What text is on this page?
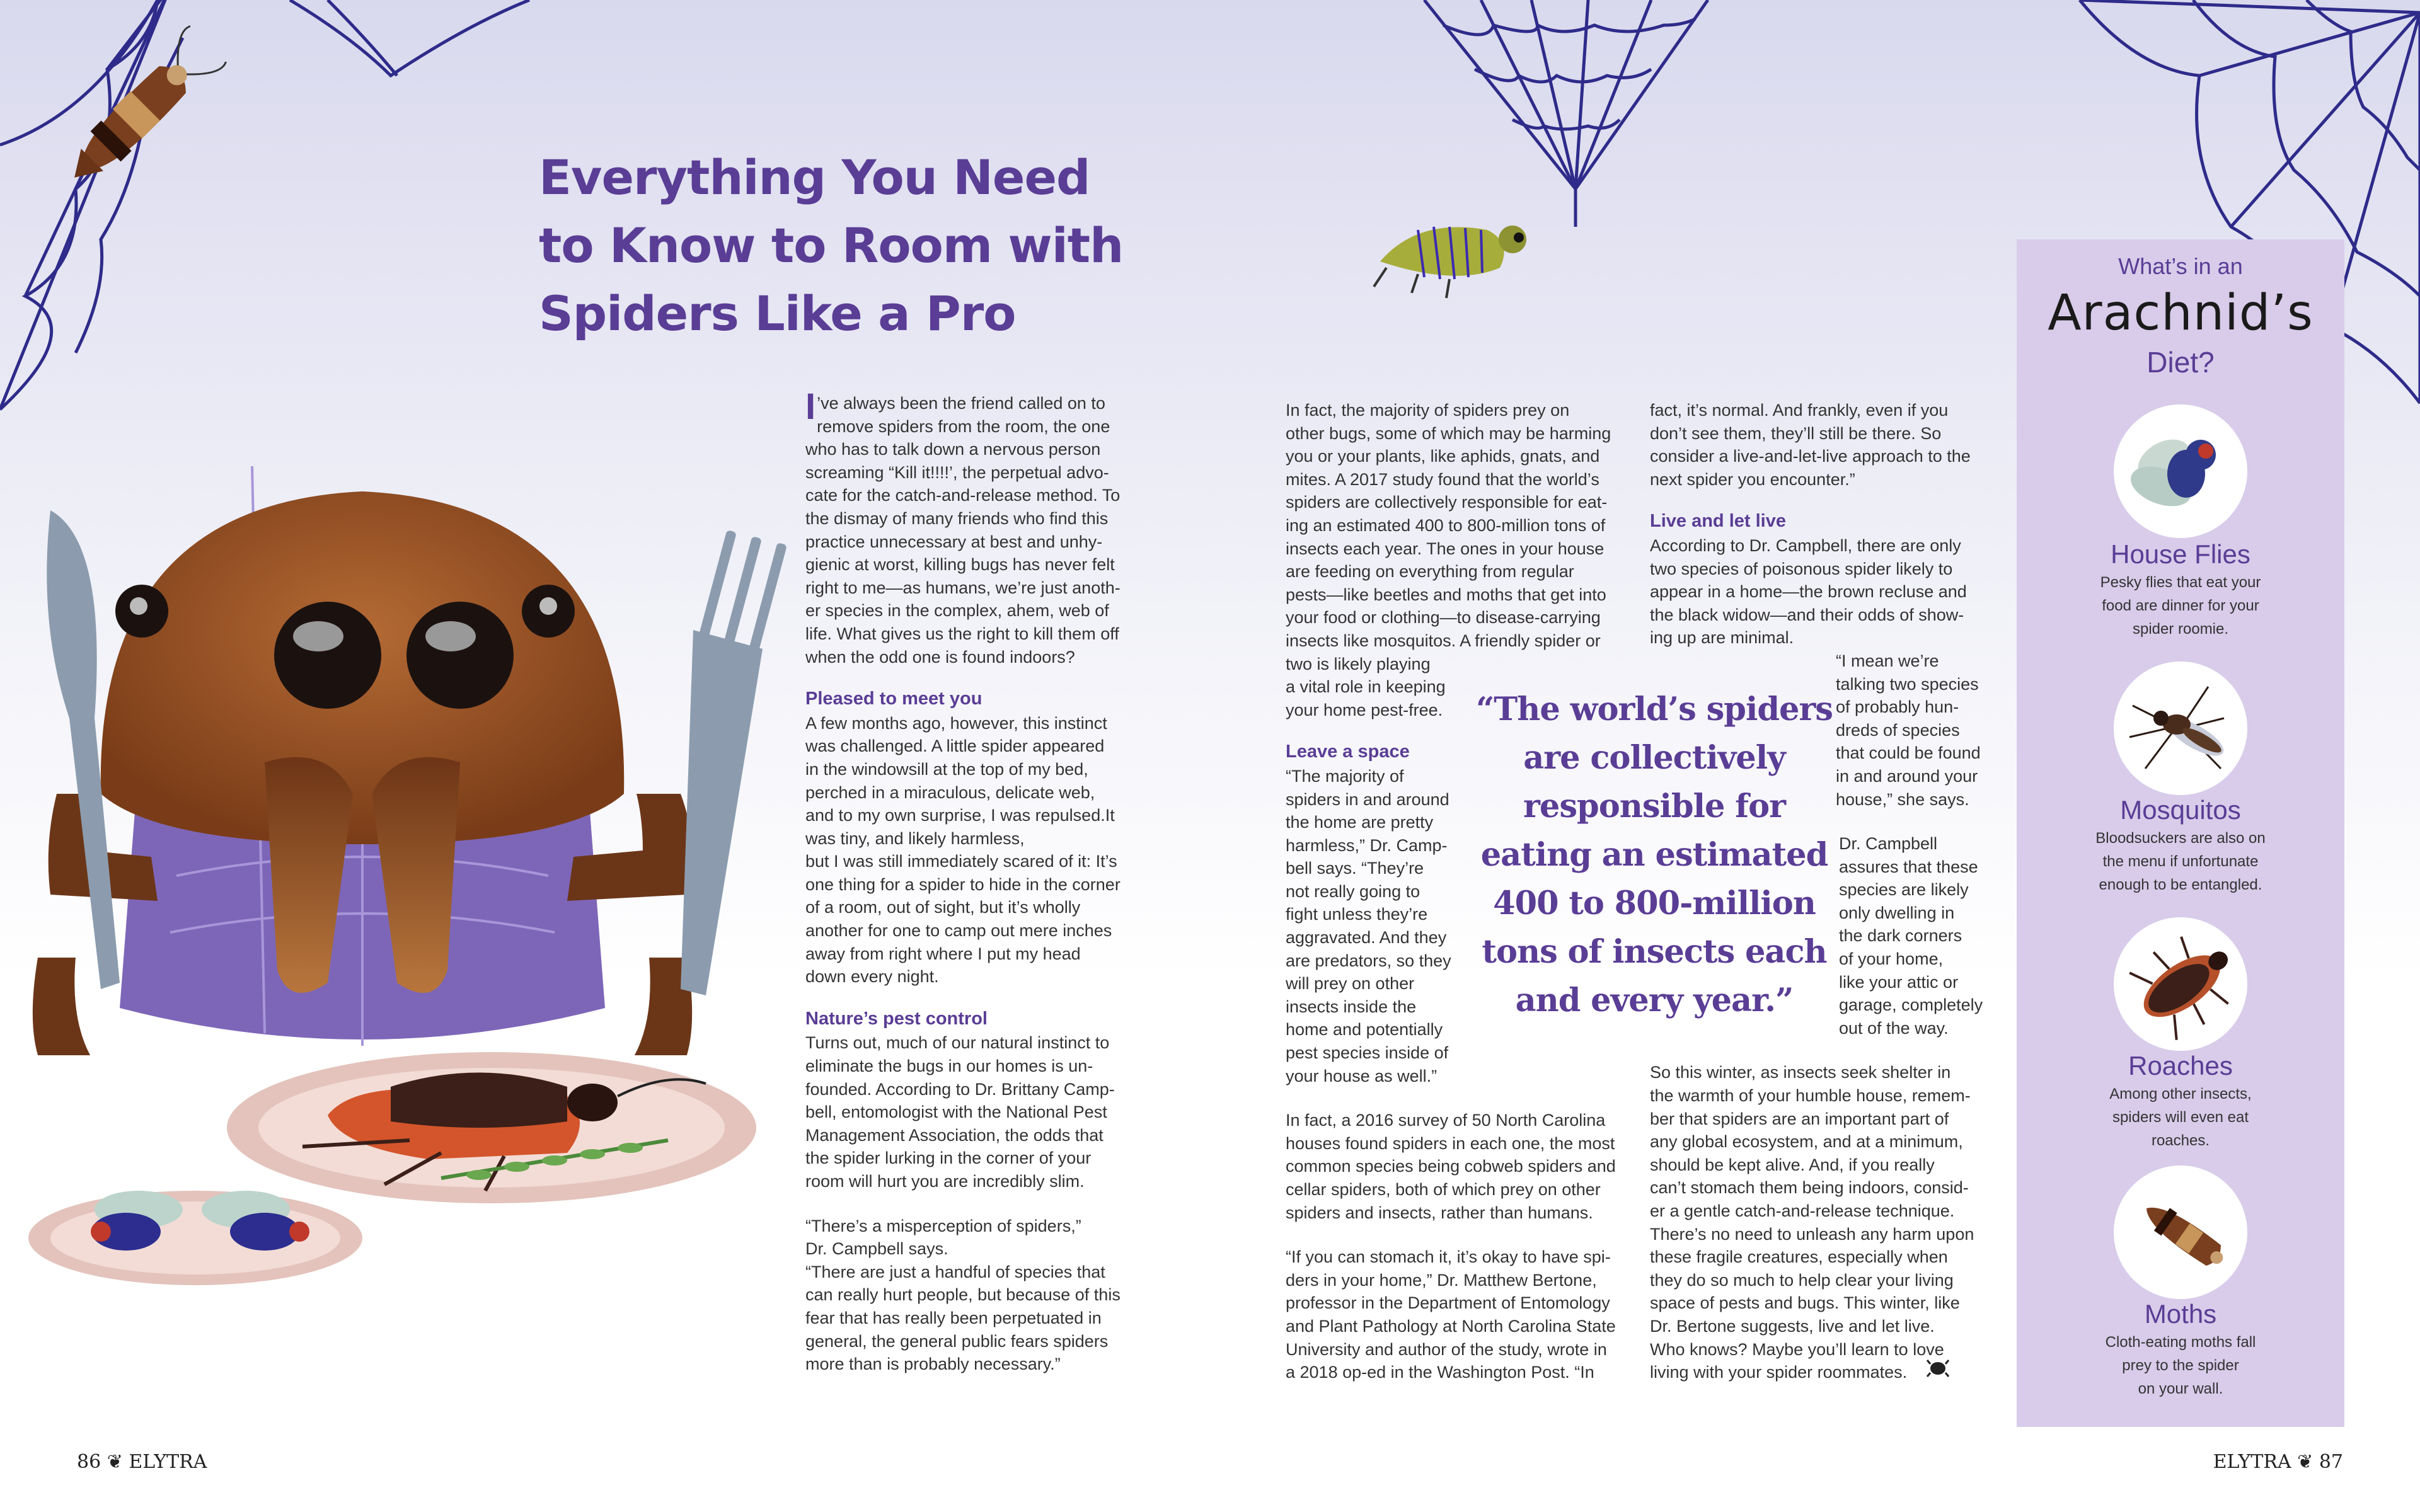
Everything You Need
to Know to Room with
Spiders Like a Pro
I ’ve always been the friend called on to
remove spiders from the room, the one
who has to talk down a nervous person
screaming “Kill it!!!!’, the perpetual advo-
cate for the catch-and-release method. To
the dismay of many friends who find this
practice unnecessary at best and unhy-
gienic at worst, killing bugs has never felt
right to me—as humans, we’re just anoth-
er species in the complex, ahem, web of
life. What gives us the right to kill them off
when the odd one is found indoors?
Pleased to meet you
A few months ago, however, this instinct
was challenged. A little spider appeared
in the windowsill at the top of my bed,
perched in a miraculous, delicate web,
and to my own surprise, I was repulsed.It
was tiny, and likely harmless,
but I was still immediately scared of it: It’s
one thing for a spider to hide in the corner
of a room, out of sight, but it’s wholly
another for one to camp out mere inches
away from right where I put my head
down every night.
Nature’s pest control
Turns out, much of our natural instinct to
eliminate the bugs in our homes is un-
founded. According to Dr. Brittany Camp-
bell, entomologist with the National Pest
Management Association, the odds that
the spider lurking in the corner of your
room will hurt you are incredibly slim.
“There’s a misperception of spiders,”
Dr. Campbell says.
“There are just a handful of species that
can really hurt people, but because of this
fear that has really been perpetuated in
general, the general public fears spiders
more than is probably necessary.”
In fact, the majority of spiders prey on
other bugs, some of which may be harming
you or your plants, like aphids, gnats, and
mites. A 2017 study found that the world’s
spiders are collectively responsible for eat-
ing an estimated 400 to 800-million tons of
insects each year. The ones in your house
are feeding on everything from regular
pests—like beetles and moths that get into
your food or clothing—to disease-carrying
insects like mosquitos. A friendly spider or
two is likely playing
a vital role in keeping
your home pest-free.
Leave a space
“The majority of
spiders in and around
the home are pretty
harmless,” Dr. Camp-
bell says. “They’re
not really going to
fight unless they’re
aggravated. And they
are predators, so they
will prey on other
insects inside the
home and potentially
pest species inside of
your house as well.”
In fact, a 2016 survey of 50 North Carolina
houses found spiders in each one, the most
common species being cobweb spiders and
cellar spiders, both of which prey on other
spiders and insects, rather than humans.
“If you can stomach it, it’s okay to have spi-
ders in your home,” Dr. Matthew Bertone,
professor in the Department of Entomology
and Plant Pathology at North Carolina State
University and author of the study, wrote in
a 2018 op-ed in the Washington Post. “In
fact, it’s normal. And frankly, even if you
don’t see them, they’ll still be there. So
consider a live-and-let-live approach to the
next spider you encounter.”
Live and let live
According to Dr. Campbell, there are only
two species of poisonous spider likely to
appear in a home—the brown recluse and
the black widow—and their odds of show-
ing up are minimal.
“I mean we’re
talking two species
of probably hun-
dreds of species
that could be found
in and around your
house,” she says.
Dr. Campbell
assures that these
species are likely
only dwelling in
the dark corners
of your home,
like your attic or
garage, completely
out of the way.
So this winter, as insects seek shelter in
the warmth of your humble house, remem-
ber that spiders are an important part of
any global ecosystem, and at a minimum,
should be kept alive. And, if you really
can’t stomach them being indoors, consid-
er a gentle catch-and-release technique.
There’s no need to unleash any harm upon
these fragile creatures, especially when
they do so much to help clear your living
space of pests and bugs. This winter, like
Dr. Bertone suggests, live and let live.
Who knows? Maybe you’ll learn to love
living with your spider roommates.
“The world’s spiders are collectively responsible for eating an estimated 400 to 800-million tons of insects each and every year.”
What’s in an
Arachnid’s
Diet?
House Flies
Pesky flies that eat your
food are dinner for your
spider roomie.
Mosquitos
Bloodsuckers are also on
the menu if unfortunate
enough to be entangled.
Roaches
Among other insects,
spiders will even eat
roaches.
Moths
Cloth-eating moths fall
prey to the spider
on your wall.
86 ❦ ELYTRA	ELYTRA ❦ 87
